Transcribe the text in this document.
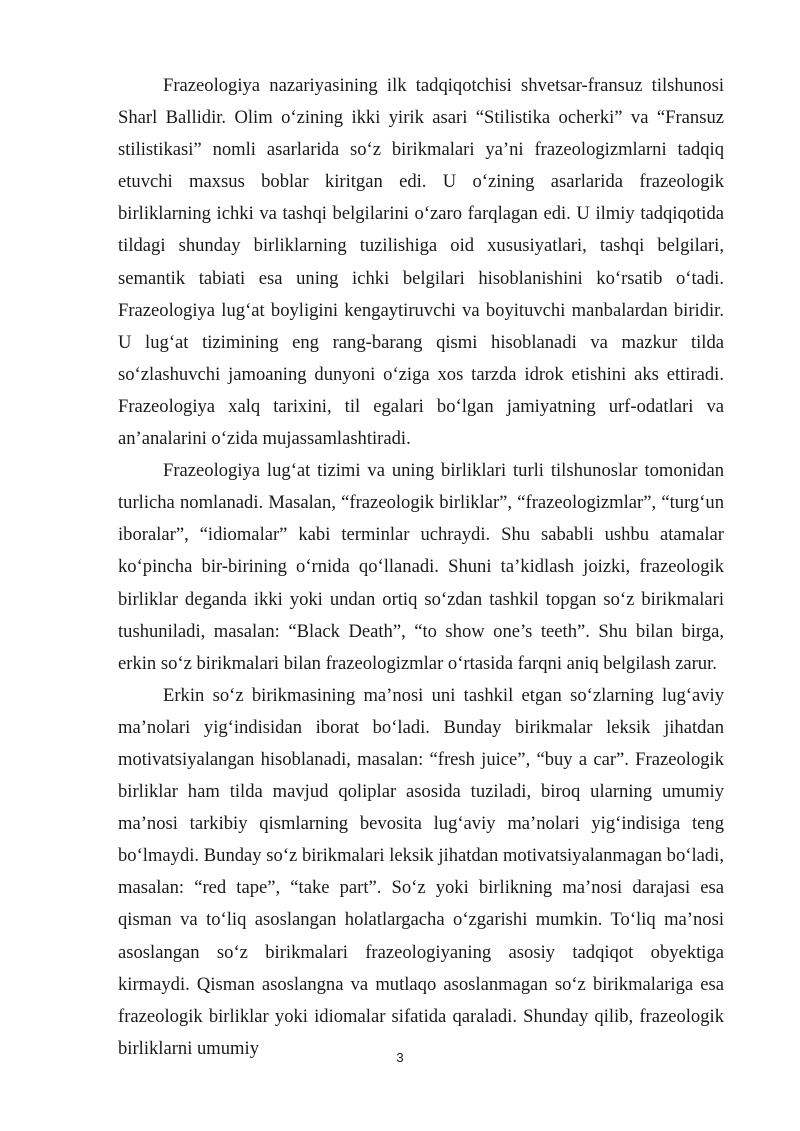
Frazeologiya nazariyasining ilk tadqiqotchisi shvetsar-fransuz tilshunosi Sharl Ballidir. Olim o‘zining ikki yirik asari “Stilistika ocherki” va “Fransuz stilistikasi” nomli asarlarida so‘z birikmalari ya’ni frazeologizmlarni tadqiq etuvchi maxsus boblar kiritgan edi. U o‘zining asarlarida frazeologik birliklarning ichki va tashqi belgilarini o‘zaro farqlagan edi. U ilmiy tadqiqotida tildagi shunday birliklarning tuzilishiga oid xususiyatlari, tashqi belgilari, semantik tabiati esa uning ichki belgilari hisoblanishini ko‘rsatib o‘tadi. Frazeologiya lug‘at boyligini kengaytiruvchi va boyituvchi manbalardan biridir. U lug‘at tizimining eng rang-barang qismi hisoblanadi va mazkur tilda so‘zlashuvchi jamoaning dunyoni o‘ziga xos tarzda idrok etishini aks ettiradi. Frazeologiya xalq tarixini, til egalari bo‘lgan jamiyatning urf-odatlari va an’analarini o‘zida mujassamlashtiradi.

Frazeologiya lug‘at tizimi va uning birliklari turli tilshunoslar tomonidan turlicha nomlanadi. Masalan, “frazeologik birliklar”, “frazeologizmlar”, “turg‘un iboralar”, “idiomalar” kabi terminlar uchraydi. Shu sababli ushbu atamalar ko‘pincha bir-birining o‘rnida qo‘llanadi. Shuni ta’kidlash joizki, frazeologik birliklar deganda ikki yoki undan ortiq so‘zdan tashkil topgan so‘z birikmalari tushuniladi, masalan: “Black Death”, “to show one’s teeth”. Shu bilan birga, erkin so‘z birikmalari bilan frazeologizmlar o‘rtasida farqni aniq belgilash zarur.

Erkin so‘z birikmasining ma’nosi uni tashkil etgan so‘zlarning lug‘aviy ma’nolari yig‘indisidan iborat bo‘ladi. Bunday birikmalar leksik jihatdan motivatsiyalangan hisoblanadi, masalan: “fresh juice”, “buy a car”. Frazeologik birliklar ham tilda mavjud qoliplar asosida tuziladi, biroq ularning umumiy ma’nosi tarkibiy qismlarning bevosita lug‘aviy ma’nolari yig‘indisiga teng bo‘lmaydi. Bunday so‘z birikmalari leksik jihatdan motivatsiyalanmagan bo‘ladi, masalan: “red tape”, “take part”. So‘z yoki birlikning ma’nosi darajasi esa qisman va to‘liq asoslangan holatlargacha o‘zgarishi mumkin. To‘liq ma’nosi asoslangan so‘z birikmalari frazeologiyaning asosiy tadqiqot obyektiga kirmaydi. Qisman asoslangna va mutlaqo asoslanmagan so‘z birikmalariga esa frazeologik birliklar yoki idiomalar sifatida qaraladi. Shunday qilib, frazeologik birliklarni umumiy	3
